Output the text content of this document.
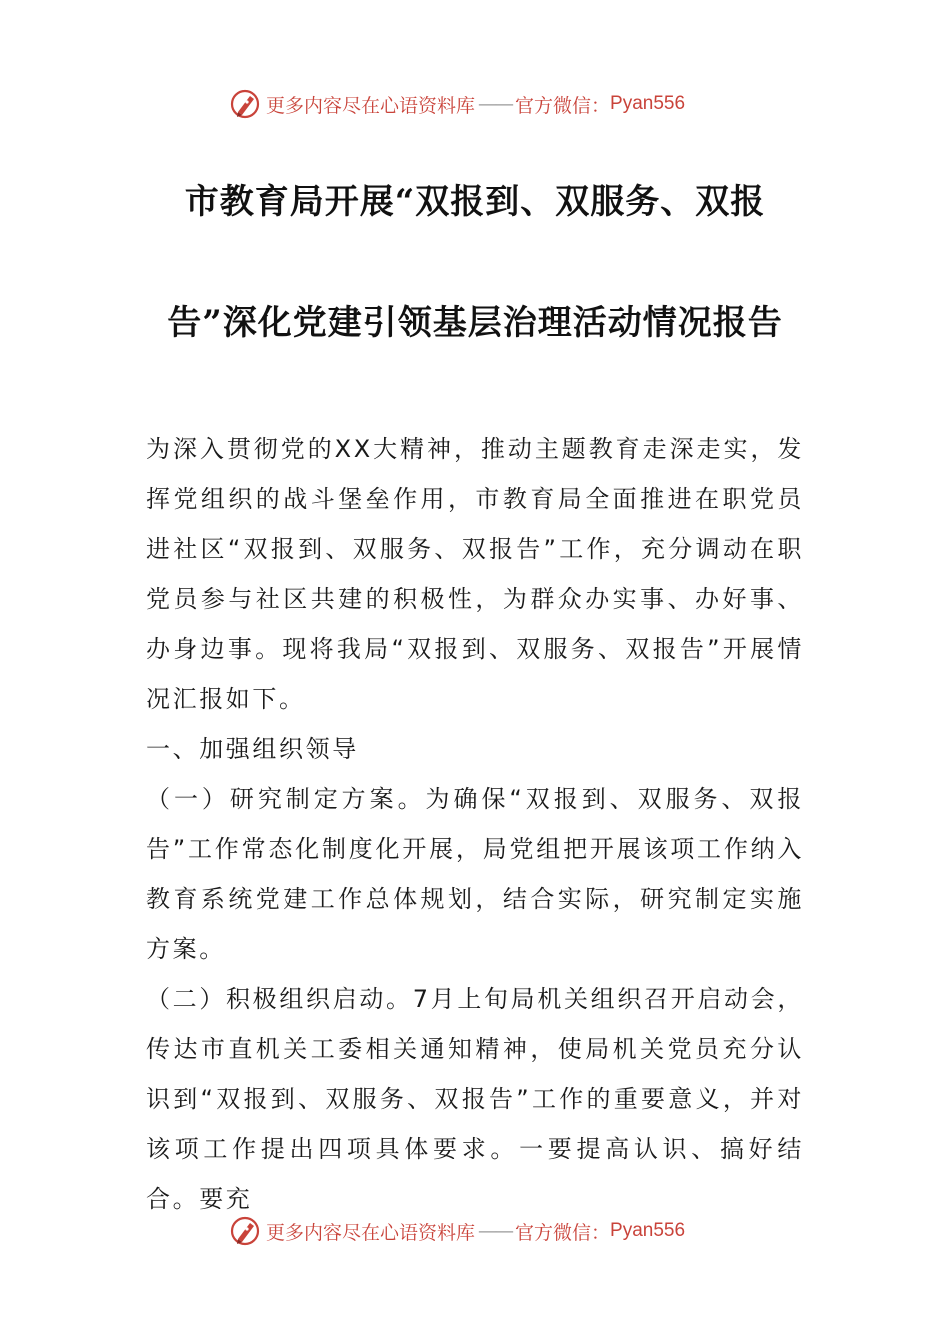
更多内容尽在心语资料库 —— 官方微信： Pyan556
市教育局开展“双报到、双服务、双报
告”深化党建引领基层治理活动情况报告

为深入贯彻党的XX大精神，推动主题教育走深走实，发挥党组织的战斗堡垒作用，市教育局全面推进在职党员进社区“双报到、双服务、双报告”工作，充分调动在职党员参与社区共建的积极性，为群众办实事、办好事、办身边事。现将我局“双报到、双服务、双报告”开展情况汇报如下。

一、加强组织领导

（一）研究制定方案。为确保“双报到、双服务、双报告”工作常态化制度化开展，局党组把开展该项工作纳入教育系统党建工作总体规划，结合实际，研究制定实施方案。

（二）积极组织启动。7月上旬局机关组织召开启动会，传达市直机关工委相关通知精神，使局机关党员充分认识到“双报到、双服务、双报告”工作的重要意义，并对该项工作提出四项具体要求。一要提高认识、搞好结合。要充

更多内容尽在心语资料库 —— 官方微信： Pyan556
